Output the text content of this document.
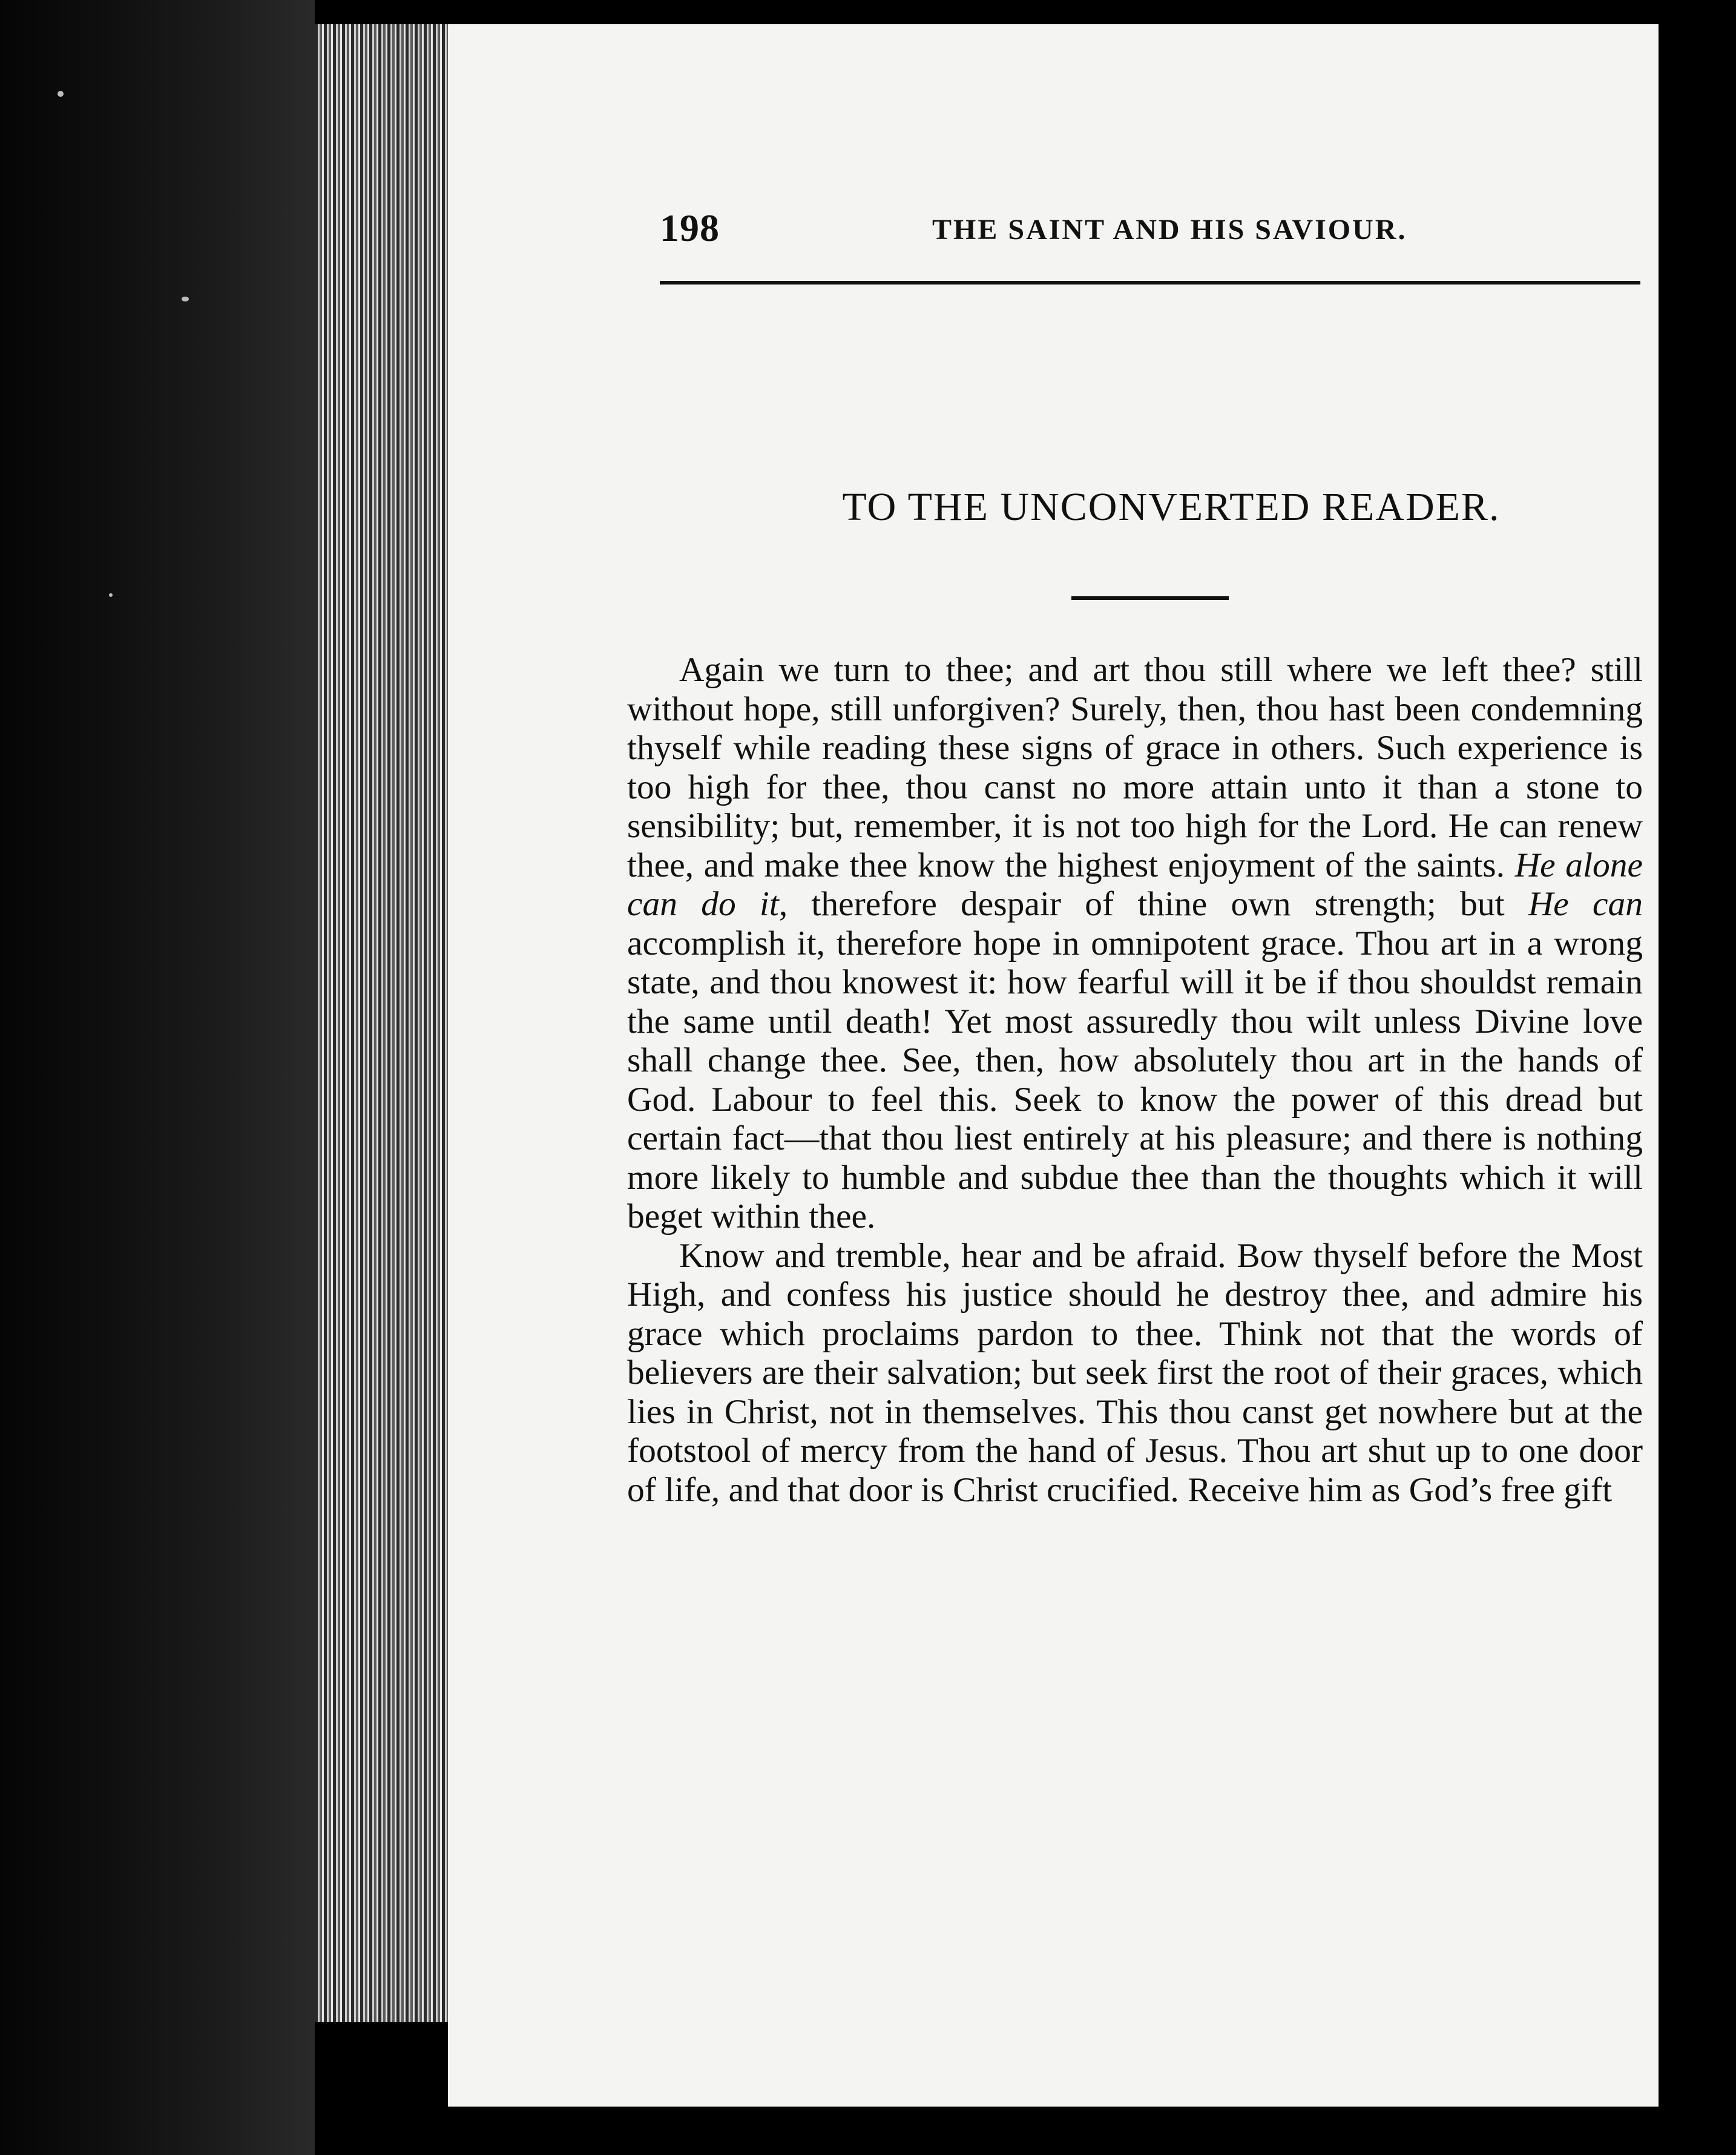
198	THE SAINT AND HIS SAVIOUR.
TO THE UNCONVERTED READER.

Again we turn to thee; and art thou still where we left thee? still without hope, still unforgiven? Surely, then, thou hast been condemning thyself while reading these signs of grace in others. Such experience is too high for thee, thou canst no more attain unto it than a stone to sensibility; but, remember, it is not too high for the Lord. He can renew thee, and make thee know the highest enjoyment of the saints. He alone can do it, therefore despair of thine own strength; but He can accomplish it, therefore hope in omnipotent grace. Thou art in a wrong state, and thou knowest it: how fearful will it be if thou shouldst remain the same until death! Yet most assuredly thou wilt unless Divine love shall change thee. See, then, how absolutely thou art in the hands of God. Labour to feel this. Seek to know the power of this dread but certain fact—that thou liest entirely at his pleasure; and there is nothing more likely to humble and subdue thee than the thoughts which it will beget within thee.

Know and tremble, hear and be afraid. Bow thyself before the Most High, and confess his justice should he destroy thee, and admire his grace which proclaims pardon to thee. Think not that the words of believers are their salvation; but seek first the root of their graces, which lies in Christ, not in themselves. This thou canst get nowhere but at the footstool of mercy from the hand of Jesus. Thou art shut up to one door of life, and that door is Christ crucified. Receive him as God’s free gift
